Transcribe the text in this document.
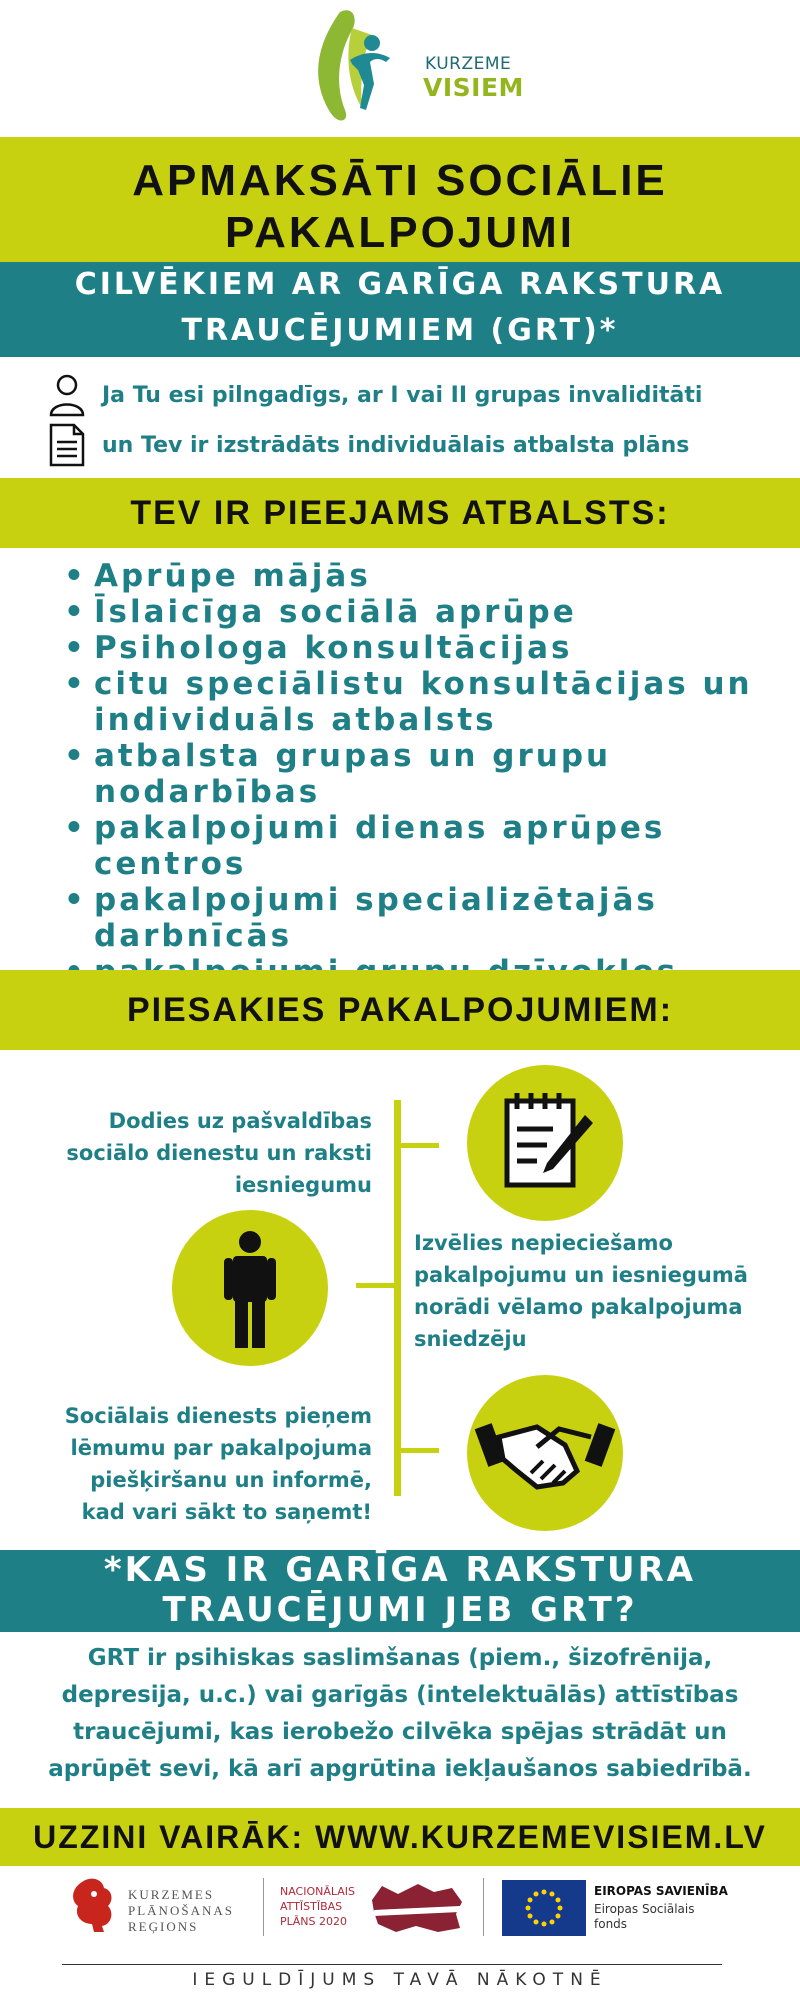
KURZEME
VISIEM
APMAKSĀTI SOCIĀLIE PAKALPOJUMI
CILVĒKIEM AR GARĪGA RAKSTURA TRAUCĒJUMIEM (GRT)*
Ja Tu esi pilngadīgs, ar I vai II grupas invaliditāti
un Tev ir izstrādāts individuālais atbalsta plāns
TEV IR PIEEJAMS ATBALSTS:
• Aprūpe mājās
• Īslaicīga sociālā aprūpe
• Psihologa konsultācijas
• citu speciālistu konsultācijas un individuāls atbalsts
• atbalsta grupas un grupu nodarbības
• pakalpojumi dienas aprūpes centros
• pakalpojumi specializētajās darbnīcās
•
PIESAKIES PAKALPOJUMIEM:
Dodies uz pašvaldības sociālo dienestu un raksti iesniegumu
Izvēlies nepieciešamo pakalpojumu un iesniegumā norādi vēlamo pakalpojuma sniedzēju
Sociālais dienests pieņem lēmumu par pakalpojuma piešķiršanu un informē, kad vari sākt to saņemt!
*KAS IR GARĪGA RAKSTURA TRAUCĒJUMI JEB GRT?
GRT ir psihiskas saslimšanas (piem., šizofrēnija, depresija, u.c.) vai garīgās (intelektuālās) attīstības traucējumi, kas ierobežo cilvēka spējas strādāt un aprūpēt sevi, kā arī apgrūtina iekļaušanos sabiedrībā.
UZZINI VAIRĀK: WWW.KURZEMEVISIEM.LV
KURZEMES PLĀNOŠANAS REĢIONS
NACIONĀLAIS
ATTĪSTĪBAS
PLĀNS 2020
EIROPAS SAVIENĪBA
Eiropas Sociālais
fonds
IEGULDĪJUMS TAVĀ NĀKOTNĒ
